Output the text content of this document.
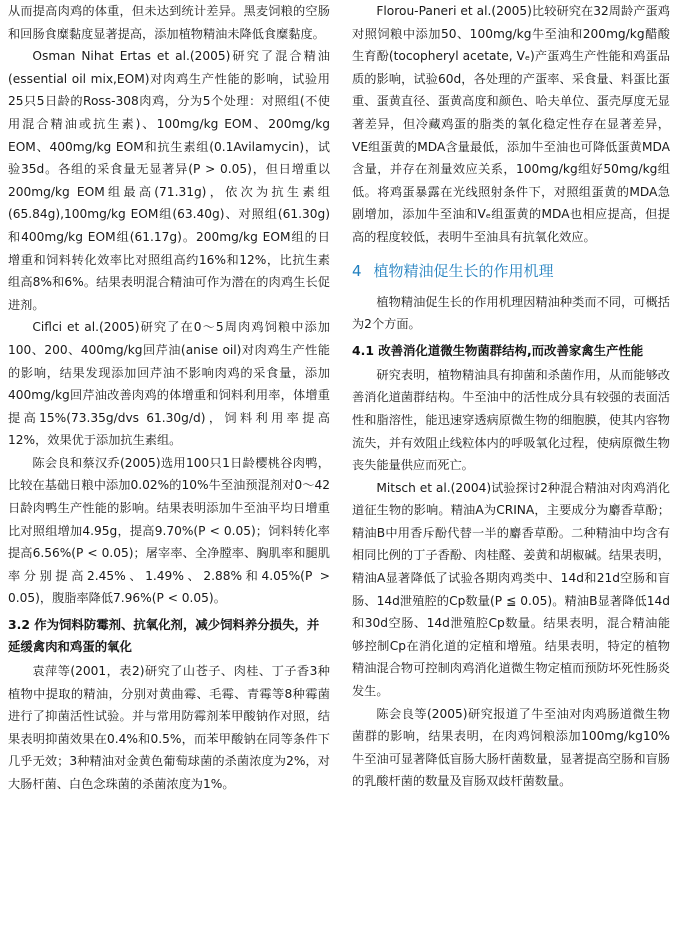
从而提高肉鸡的体重，但未达到统计差异。黑麦饲粮的空肠和回肠食糜黏度显著提高，添加植物精油未降低食糜黏度。

Osman Nihat Ertas et al.(2005)研究了混合精油(essential oil mix,EOM)对肉鸡生产性能的影响，试验用25只5日龄的Ross-308肉鸡，分为5个处理：对照组(不使用混合精油或抗生素)、100mg/kg EOM、200mg/kg EOM、400mg/kg EOM和抗生素组(0.1Avilamycin)，试验35d。各组的采食量无显著异(P > 0.05)，但日增重以200mg/kg EOM组最高(71.31g)，依次为抗生素组(65.84g),100mg/kg EOM组(63.40g)、对照组(61.30g)和400mg/kg EOM组(61.17g)。200mg/kg EOM组的日增重和饲料转化效率比对照组高约16%和12%，比抗生素组高8%和6%。结果表明混合精油可作为潜在的肉鸡生长促进剂。

Ciflci et al.(2005)研究了在0～5周肉鸡饲粮中添加100、200、400mg/kg回芹油(anise oil)对肉鸡生产性能的影响，结果发现添加回芹油不影响肉鸡的采食量，添加400mg/kg回芹油改善肉鸡的体增重和饲料利用率，体增重提高15%(73.35g/dvs 61.30g/d)，饲料利用率提高12%，效果优于添加抗生素组。

陈会良和蔡汉乔(2005)选用100只1日龄樱桃谷肉鸭，比较在基础日粮中添加0.02%的10%牛至油预混剂对0～42日龄肉鸭生产性能的影响。结果表明添加牛至油平均日增重比对照组增加4.95g，提高9.70%(P < 0.05)；饲料转化率提高6.56%(P < 0.05)；屠宰率、全净膛率、胸肌率和腿肌率分别提高2.45%、1.49%、2.88%和4.05%(P > 0.05)，腹脂率降低7.96%(P < 0.05)。

3.2 作为饲料防霉剂、抗氧化剂，减少饲料养分损失，并延缓禽肉和鸡蛋的氧化

袁萍等(2001，表2)研究了山苍子、肉桂、丁子香3种植物中提取的精油，分别对黄曲霉、毛霉、青霉等8种霉菌进行了抑菌活性试验。并与常用防霉剂苯甲酸钠作对照，结果表明抑菌效果在0.4%和0.5%，而苯甲酸钠在同等条件下几乎无效；3种精油对金黄色葡萄球菌的杀菌浓度为2%，对大肠杆菌、白色念珠菌的杀菌浓度为1%。

Florou-Paneri et al.(2005)比较研究在32周龄产蛋鸡对照饲粮中添加50、100mg/kg牛至油和200mg/kg醋酸生育酚(tocopheryl acetate, Vₑ)产蛋鸡生产性能和鸡蛋品质的影响，试验60d，各处理的产蛋率、采食量、料蛋比蛋重、蛋黄直径、蛋黄高度和颜色、哈夫单位、蛋壳厚度无显著差异，但冷藏鸡蛋的脂类的氧化稳定性存在显著差异，VE组蛋黄的MDA含量最低，添加牛至油也可降低蛋黄MDA含量，并存在剂量效应关系，100mg/kg组好50mg/kg组低。将鸡蛋暴露在光线照射条件下，对照组蛋黄的MDA急剧增加，添加牛至油和Vₑ组蛋黄的MDA也相应提高，但提高的程度较低，表明牛至油具有抗氧化效应。

4 植物精油促生长的作用机理

植物精油促生长的作用机理因精油种类而不同，可概括为2个方面。

4.1 改善消化道微生物菌群结构,而改善家禽生产性能

研究表明，植物精油具有抑菌和杀菌作用，从而能够改善消化道菌群结构。牛至油中的活性成分具有较强的表面活性和脂溶性，能迅速穿透病原微生物的细胞膜，使其内容物流失，并有效阻止线粒体内的呼吸氧化过程，使病原微生物丧失能量供应而死亡。

Mitsch et al.(2004)试验探讨2种混合精油对肉鸡消化道征生物的影响。精油A为CRINA，主要成分为麝香草酚；精油B中用香斥酚代替一半的麝香草酚。二种精油中均含有相同比例的丁子香酚、肉桂醛、姜黄和胡椒碱。结果表明，精油A显著降低了试验各期肉鸡类中、14d和21d空肠和盲肠、14d泄殖腔的Cp数量(P ≦ 0.05)。精油B显著降低14d和30d空肠、14d泄殖腔Cp数量。结果表明，混合精油能够控制Cp在消化道的定植和增殖。结果表明，特定的植物精油混合物可控制肉鸡消化道微生物定植而预防坏死性肠炎发生。

陈会良等(2005)研究报道了牛至油对肉鸡肠道微生物菌群的影响，结果表明，在肉鸡饲粮添加100mg/kg10%牛至油可显著降低盲肠大肠杆菌数量，显著提高空肠和盲肠的乳酸杆菌的数量及盲肠双歧杆菌数量。
